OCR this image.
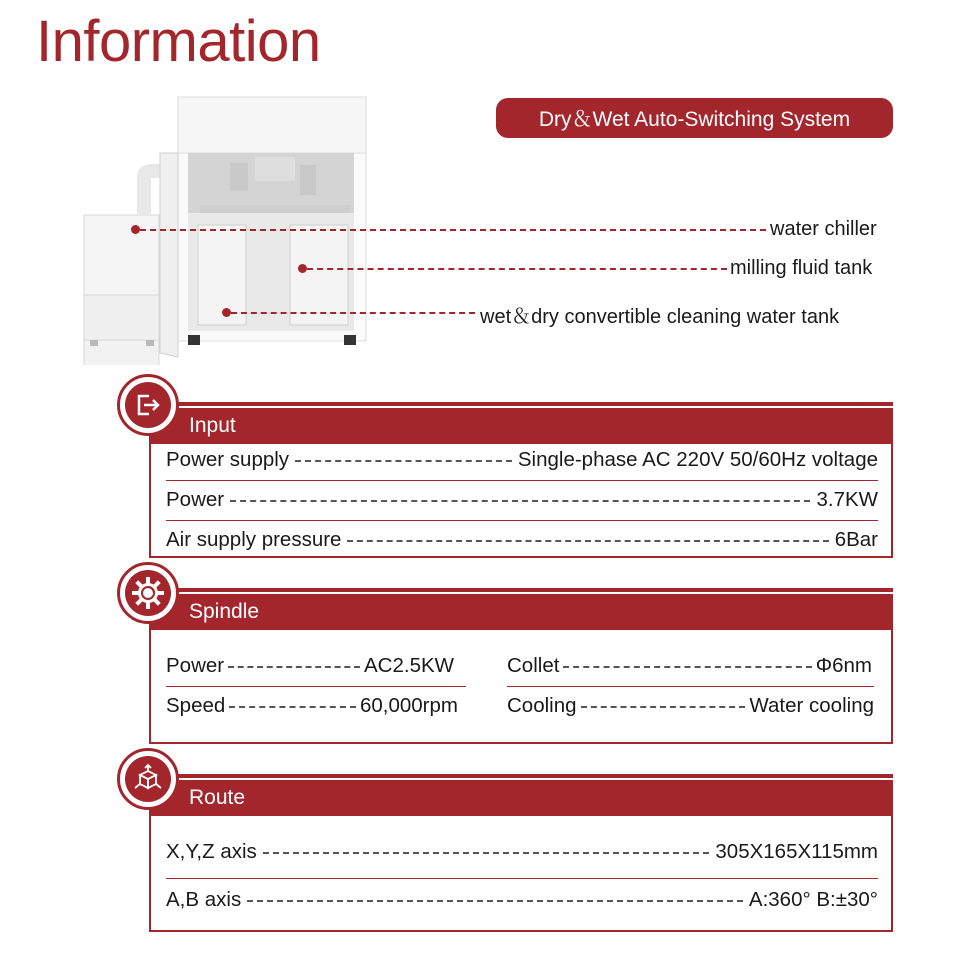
Information
Dry＆Wet Auto-Switching System
water chiller
milling fluid tank
wet＆dry convertible cleaning water tank
Input
Power supply	Single-phase AC 220V 50/60Hz voltage
Power	3.7KW
Air supply pressure	6Bar
Spindle
Power	AC2.5KW	Collet	Φ6nm
Speed	60,000rpm Cooling	Water cooling
Route
X,Y,Z axis	305X165X115mm
A,B axis	A:360° B:±30°
